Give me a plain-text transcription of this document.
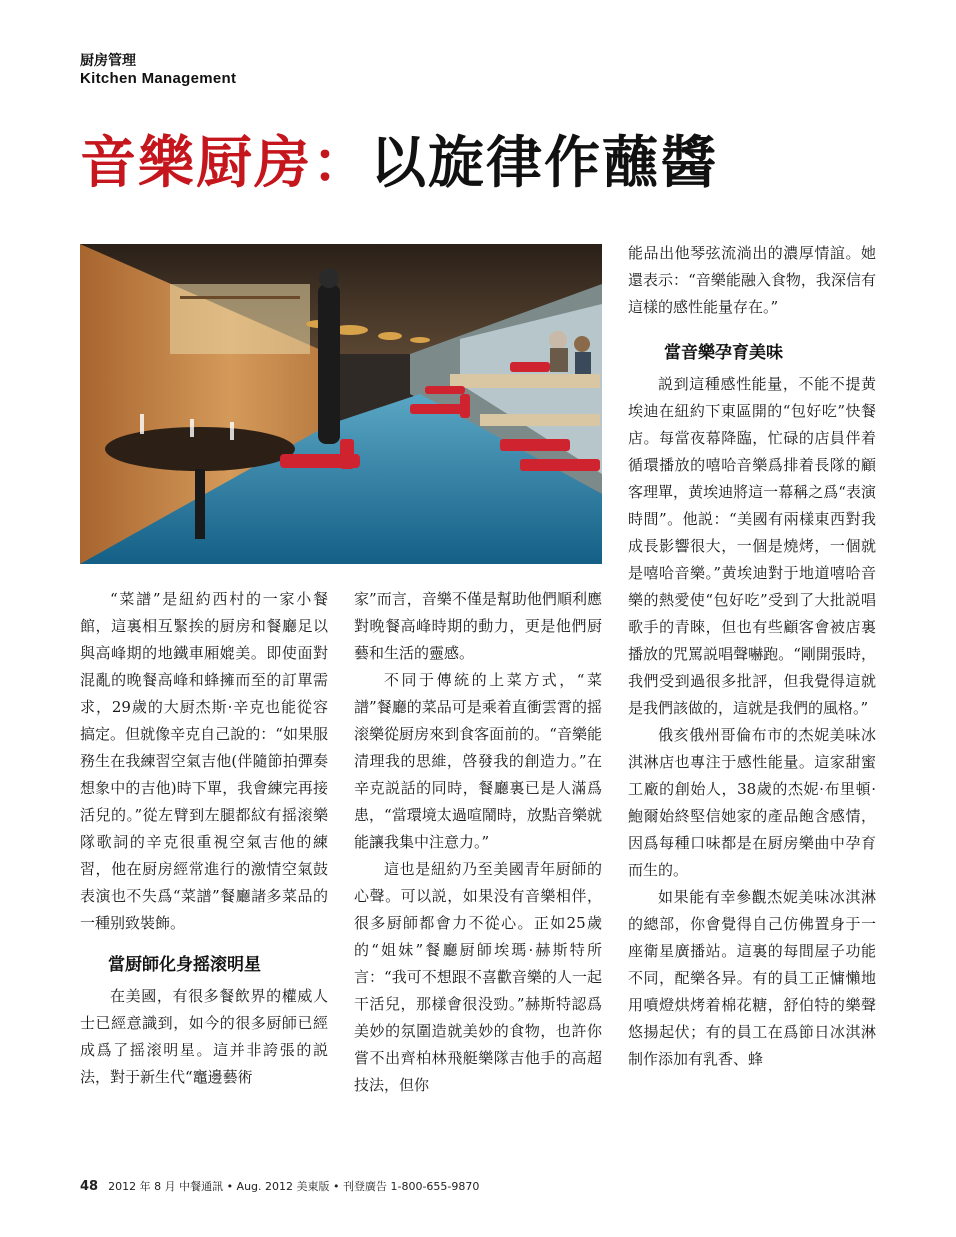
厨房管理
Kitchen Management
音樂厨房：以旋律作蘸醬

“菜譜”是紐約西村的一家小餐館，這裏相互緊挨的厨房和餐廳足以與高峰期的地鐵車厢媲美。即使面對混亂的晚餐高峰和蜂擁而至的訂單需求，29歲的大厨杰斯·辛克也能從容搞定。但就像辛克自己說的：“如果服務生在我練習空氣吉他(伴隨節拍彈奏想象中的吉他)時下單，我會練完再接活兒的。”從左臂到左腿都紋有摇滚樂隊歌詞的辛克很重視空氣吉他的練習，他在厨房經常進行的激情空氣鼓表演也不失爲“菜譜”餐廳諸多菜品的一種别致裝飾。

當厨師化身摇滚明星

在美國，有很多餐飲界的權威人士已經意識到，如今的很多厨師已經成爲了摇滚明星。這并非誇張的説法，對于新生代“竈邊藝術

家”而言，音樂不僅是幫助他們順利應對晚餐高峰時期的動力，更是他們厨藝和生活的靈感。

不同于傳統的上菜方式，“菜譜”餐廳的菜品可是乘着直衝雲霄的摇滚樂從厨房來到食客面前的。“音樂能清理我的思維，啓發我的創造力。”在辛克説話的同時，餐廳裏已是人滿爲患，“當環境太過喧鬧時，放點音樂就能讓我集中注意力。”

這也是紐約乃至美國青年厨師的心聲。可以説，如果没有音樂相伴，很多厨師都會力不從心。正如25歲的“姐妹”餐廳厨師埃瑪·赫斯特所言：“我可不想跟不喜歡音樂的人一起干活兒，那樣會很没勁。”赫斯特認爲美妙的氛圍造就美妙的食物，也許你嘗不出齊柏林飛艇樂隊吉他手的高超技法，但你

能品出他琴弦流淌出的濃厚情誼。她還表示：“音樂能融入食物，我深信有這樣的感性能量存在。”

當音樂孕育美味

説到這種感性能量，不能不提黄埃迪在紐約下東區開的“包好吃”快餐店。每當夜幕降臨，忙碌的店員伴着循環播放的嘻哈音樂爲排着長隊的顧客理單，黄埃迪將這一幕稱之爲“表演時間”。他説：“美國有兩樣東西對我成長影響很大，一個是燒烤，一個就是嘻哈音樂。”黄埃迪對于地道嘻哈音樂的熱愛使“包好吃”受到了大批説唱歌手的青睞，但也有些顧客會被店裏播放的咒罵説唱聲嚇跑。“剛開張時，我們受到過很多批評，但我覺得這就是我們該做的，這就是我們的風格。”

俄亥俄州哥倫布市的杰妮美味冰淇淋店也專注于感性能量。這家甜蜜工廠的創始人，38歲的杰妮·布里頓·鮑爾始終堅信她家的產品飽含感情，因爲每種口味都是在厨房樂曲中孕育而生的。

如果能有幸參觀杰妮美味冰淇淋的總部，你會覺得自己仿佛置身于一座衛星廣播站。這裏的每間屋子功能不同，配樂各异。有的員工正慵懶地用噴燈烘烤着棉花糖，舒伯特的樂聲悠揚起伏；有的員工在爲節日冰淇淋制作添加有乳香、蜂

48 2012 年 8 月 中餐通訊 • Aug. 2012 美東版 • 刊登廣告 1-800-655-9870
